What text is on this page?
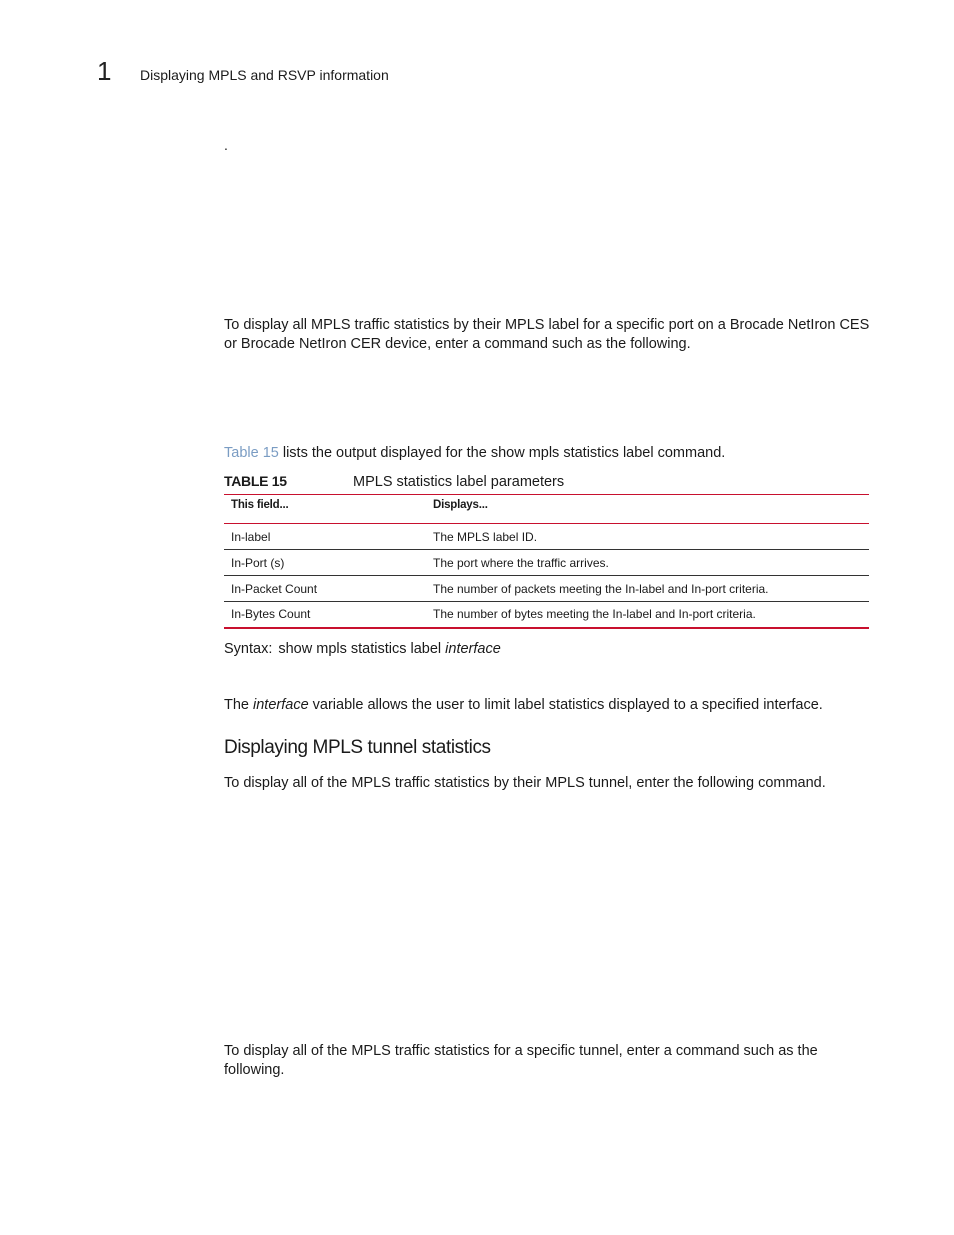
1 Displaying MPLS and RSVP information
.
To display all MPLS traffic statistics by their MPLS label for a specific port on a Brocade NetIron CES or Brocade NetIron CER device, enter a command such as the following.
Table 15 lists the output displayed for the show mpls statistics label command.
TABLE 15	MPLS statistics label parameters
This field...	Displays...
In-label	The MPLS label ID.
In-Port (s)	The port where the traffic arrives.
In-Packet Count	The number of packets meeting the In-label and In-port criteria.
In-Bytes Count	The number of bytes meeting the In-label and In-port criteria.
Syntax: show mpls statistics label interface
The interface variable allows the user to limit label statistics displayed to a specified interface.
Displaying MPLS tunnel statistics
To display all of the MPLS traffic statistics by their MPLS tunnel, enter the following command.
To display all of the MPLS traffic statistics for a specific tunnel, enter a command such as the following.
